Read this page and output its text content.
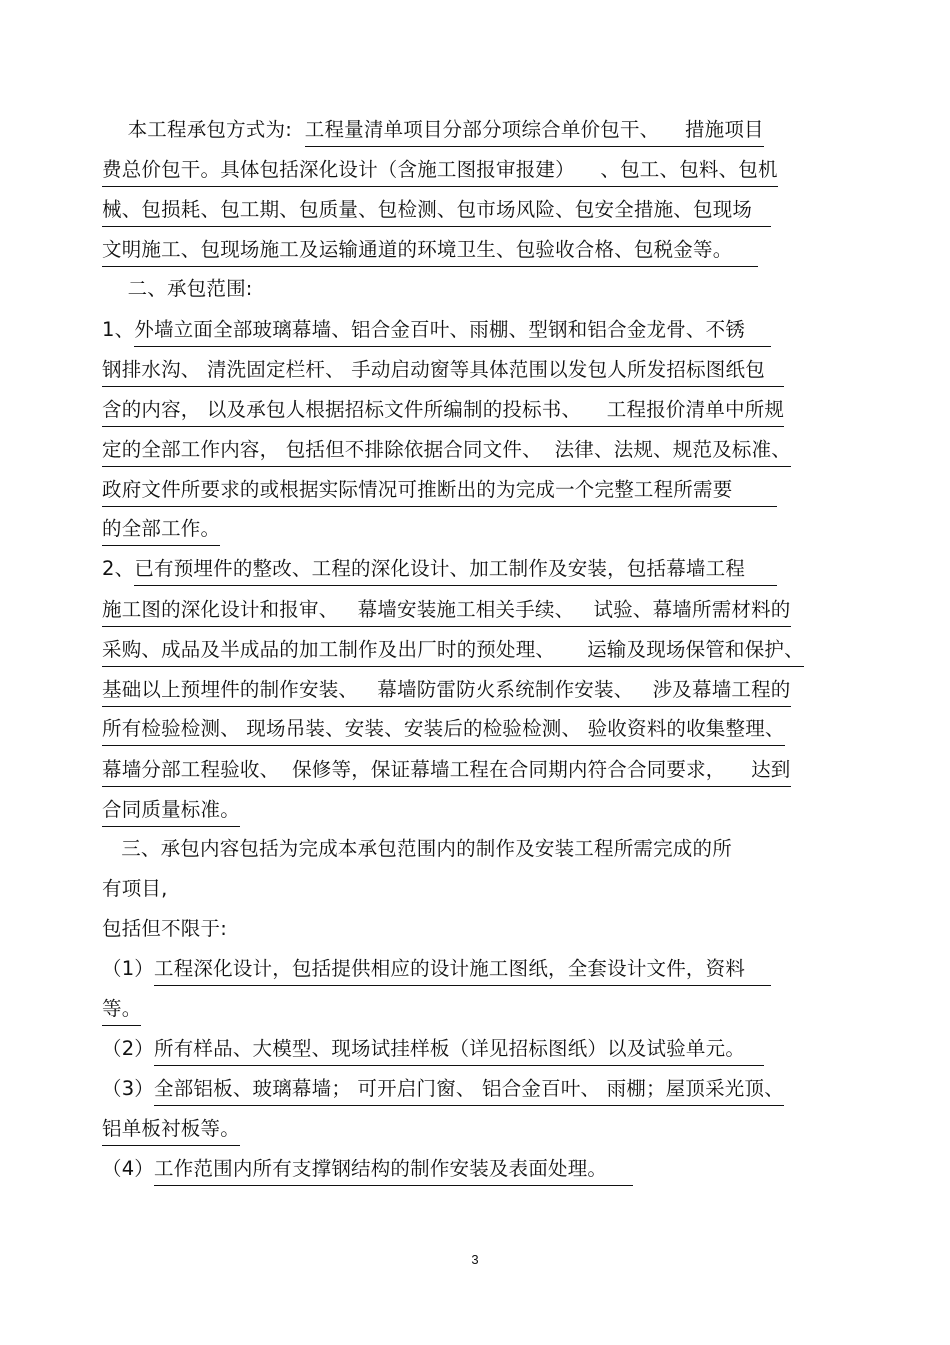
本工程承包方式为:  工程量清单项目分部分项综合单价包干、    措施项目
费总价包干。具体包括深化设计（含施工图报审报建）    、包工、包料、包机
械、包损耗、包工期、包质量、包检测、包市场风险、包安全措施、包现场
文明施工、包现场施工及运输通道的环境卫生、包验收合格、包税金等。
二、承包范围:
1、外墙立面全部玻璃幕墙、铝合金百叶、雨棚、型钢和铝合金龙骨、不锈
钢排水沟、 清洗固定栏杆、 手动启动窗等具体范围以发包人所发招标图纸包
含的内容， 以及承包人根据招标文件所编制的投标书、    工程报价清单中所规
定的全部工作内容， 包括但不排除依据合同文件、  法律、法规、规范及标准、
政府文件所要求的或根据实际情况可推断出的为完成一个完整工程所需要
的全部工作。
2、已有预埋件的整改、工程的深化设计、加工制作及安装，包括幕墙工程
施工图的深化设计和报审、   幕墙安装施工相关手续、   试验、幕墙所需材料的
采购、成品及半成品的加工制作及出厂时的预处理、     运输及现场保管和保护、
基础以上预埋件的制作安装、   幕墙防雷防火系统制作安装、   涉及幕墙工程的
所有检验检测、 现场吊装、安装、安装后的检验检测、 验收资料的收集整理、
幕墙分部工程验收、  保修等，保证幕墙工程在合同期内符合合同要求，    达到
合同质量标准。
三、承包内容包括为完成本承包范围内的制作及安装工程所需完成的所
有项目,
包括但不限于:
（1）工程深化设计，包括提供相应的设计施工图纸，全套设计文件，资料
等。
（2）所有样品、大模型、现场试挂样板（详见招标图纸）以及试验单元。
（3）全部铝板、玻璃幕墙； 可开启门窗、 铝合金百叶、 雨棚；屋顶采光顶、
铝单板衬板等。
（4）工作范围内所有支撑钢结构的制作安装及表面处理。
3
